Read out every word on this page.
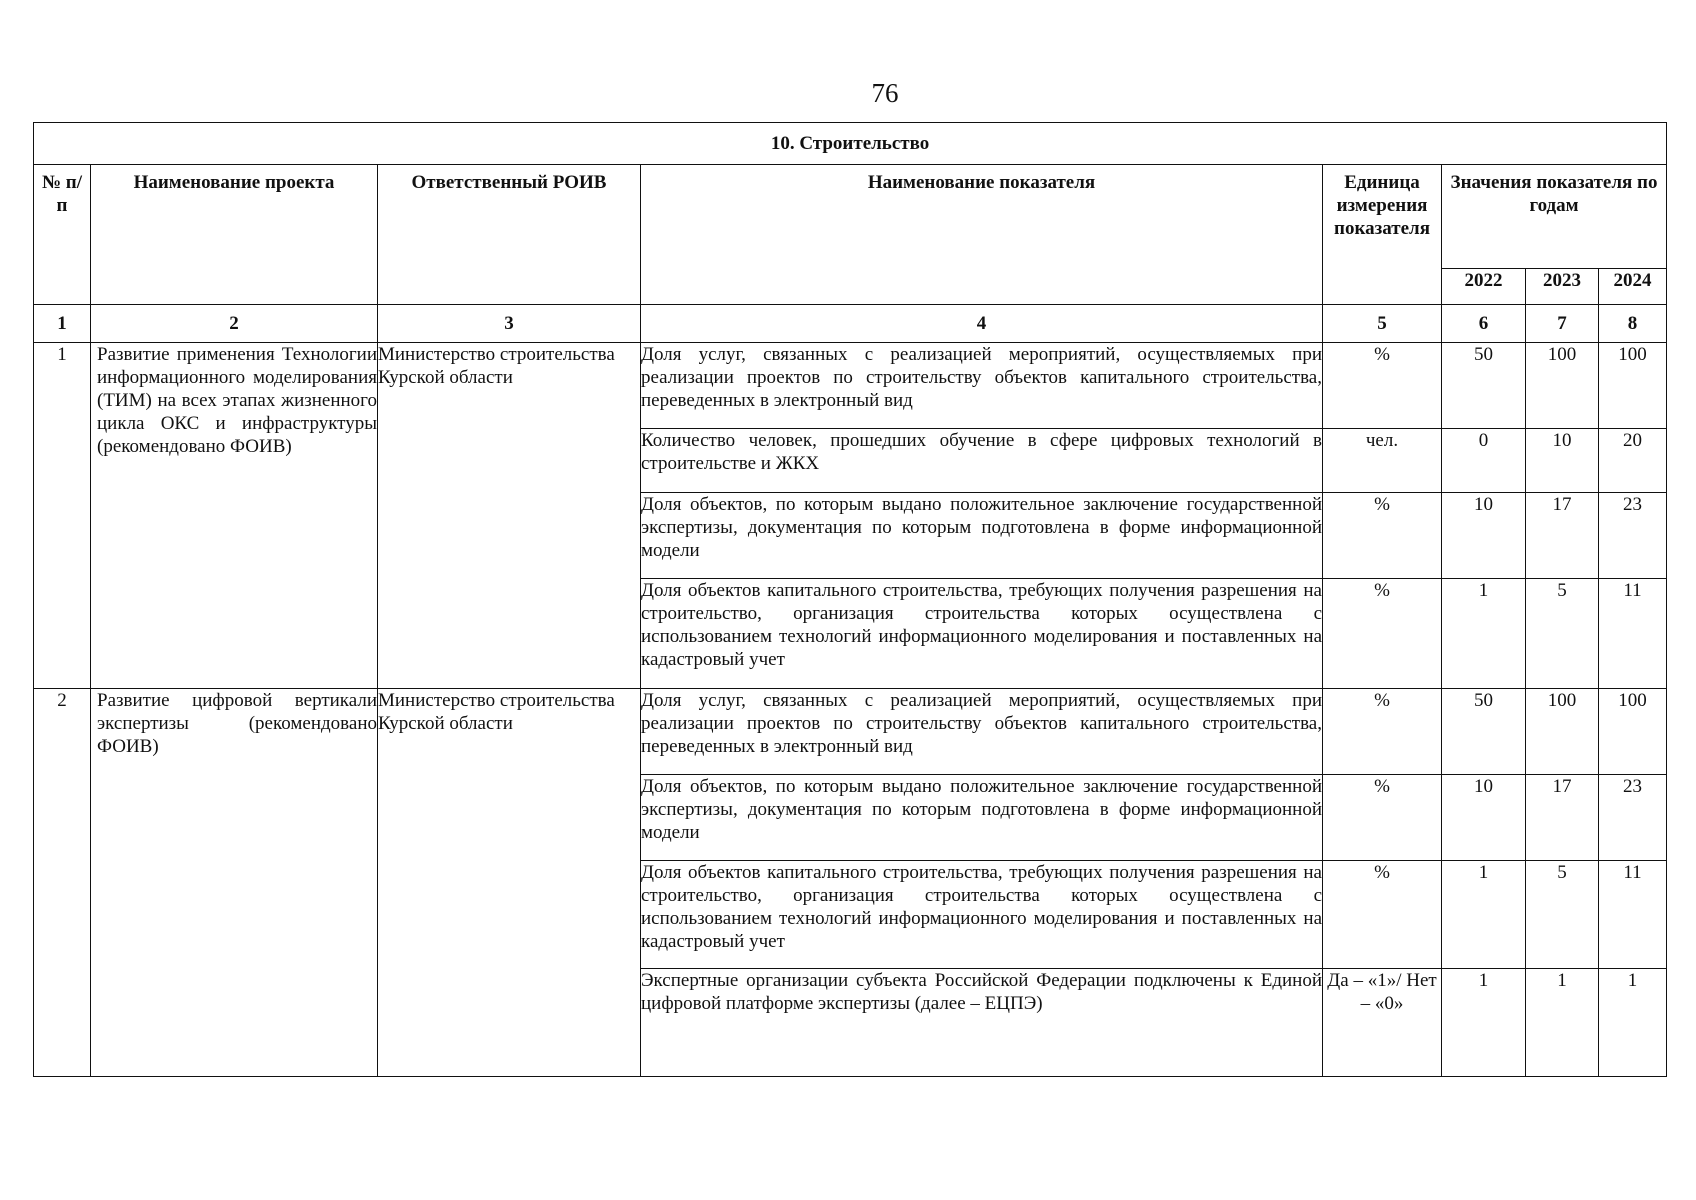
76
10. Строительство							
№ п/п	Наименование проекта	Ответственный РОИВ	Наименование показателя	Единица измерения показателя	Значения показателя по годам		
					2022	2023	2024
1	2	3	4	5	6	7	8
1	Развитие применения Технологии информационного моделирования (ТИМ) на всех этапах жизненного цикла ОКС и инфраструктуры (рекомендовано ФОИВ)	Министерство строительства Курской области	Доля услуг, связанных с реализацией мероприятий, осуществляемых при реализации проектов по строительству объектов капитального строительства, переведенных в электронный вид	%	50	100	100
			Количество человек, прошедших обучение в сфере цифровых технологий в строительстве и ЖКХ	чел.	0	10	20
			Доля объектов, по которым выдано положительное заключение государственной экспертизы, документация по которым подготовлена в форме информационной модели	%	10	17	23
			Доля объектов капитального строительства, требующих получения разрешения на строительство, организация строительства которых осуществлена с использованием технологий информационного моделирования и поставленных на кадастровый учет	%	1	5	11
2	Развитие цифровой вертикали экспертизы (рекомендовано ФОИВ)	Министерство строительства Курской области	Доля услуг, связанных с реализацией мероприятий, осуществляемых при реализации проектов по строительству объектов капитального строительства, переведенных в электронный вид	%	50	100	100
			Доля объектов, по которым выдано положительное заключение государственной экспертизы, документация по которым подготовлена в форме информационной модели	%	10	17	23
			Доля объектов капитального строительства, требующих получения разрешения на строительство, организация строительства которых осуществлена с использованием технологий информационного моделирования и поставленных на кадастровый учет	%	1	5	11
			Экспертные организации субъекта Российской Федерации подключены к Единой цифровой платформе экспертизы (далее – ЕЦПЭ)	Да – «1»/ Нет – «0»	1	1	1
